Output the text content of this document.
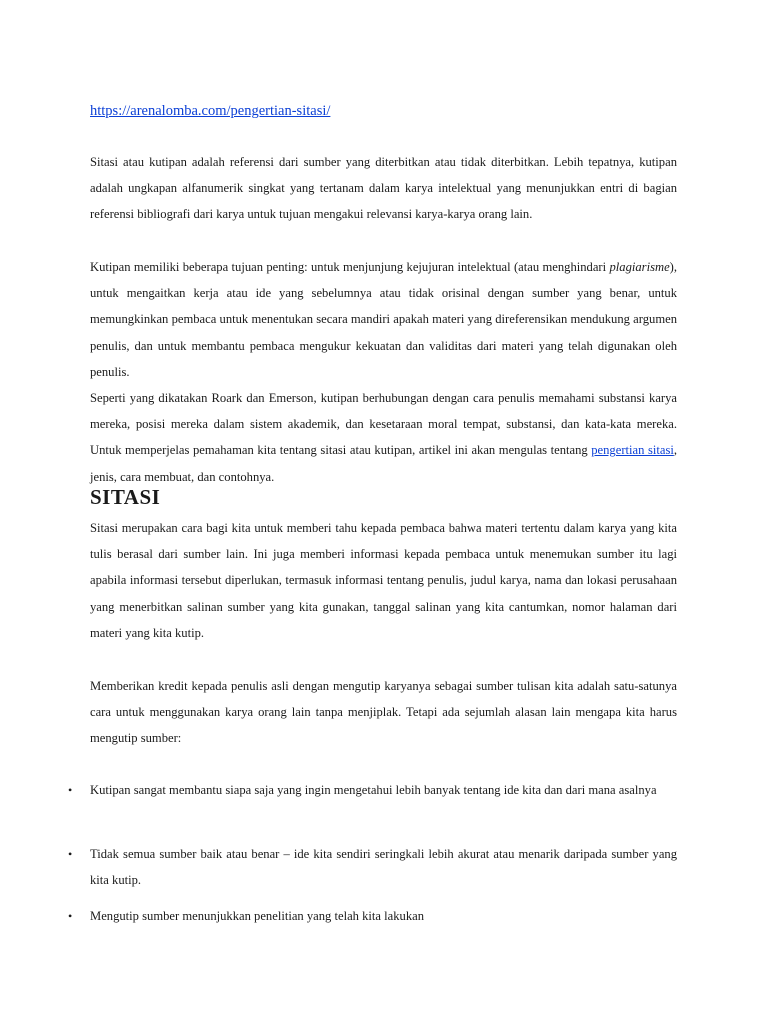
https://arenalomba.com/pengertian-sitasi/

Sitasi atau kutipan adalah referensi dari sumber yang diterbitkan atau tidak diterbitkan. Lebih tepatnya, kutipan adalah ungkapan alfanumerik singkat yang tertanam dalam karya intelektual yang menunjukkan entri di bagian referensi bibliografi dari karya untuk tujuan mengakui relevansi karya-karya orang lain.

Kutipan memiliki beberapa tujuan penting: untuk menjunjung kejujuran intelektual (atau menghindari plagiarisme), untuk mengaitkan kerja atau ide yang sebelumnya atau tidak orisinal dengan sumber yang benar, untuk memungkinkan pembaca untuk menentukan secara mandiri apakah materi yang direferensikan mendukung argumen penulis, dan untuk membantu pembaca mengukur kekuatan dan validitas dari materi yang telah digunakan oleh penulis.

Seperti yang dikatakan Roark dan Emerson, kutipan berhubungan dengan cara penulis memahami substansi karya mereka, posisi mereka dalam sistem akademik, dan kesetaraan moral tempat, substansi, dan kata-kata mereka. Untuk memperjelas pemahaman kita tentang sitasi atau kutipan, artikel ini akan mengulas tentang pengertian sitasi, jenis, cara membuat, dan contohnya.

SITASI

Sitasi merupakan cara bagi kita untuk memberi tahu kepada pembaca bahwa materi tertentu dalam karya yang kita tulis berasal dari sumber lain. Ini juga memberi informasi kepada pembaca untuk menemukan sumber itu lagi apabila informasi tersebut diperlukan, termasuk informasi tentang penulis, judul karya, nama dan lokasi perusahaan yang menerbitkan salinan sumber yang kita gunakan, tanggal salinan yang kita cantumkan, nomor halaman dari materi yang kita kutip.

Memberikan kredit kepada penulis asli dengan mengutip karyanya sebagai sumber tulisan kita adalah satu-satunya cara untuk menggunakan karya orang lain tanpa menjiplak. Tetapi ada sejumlah alasan lain mengapa kita harus mengutip sumber:

•	Kutipan sangat membantu siapa saja yang ingin mengetahui lebih banyak tentang ide kita dan dari mana asalnya
•	Tidak semua sumber baik atau benar – ide kita sendiri seringkali lebih akurat atau menarik daripada sumber yang kita kutip.
•	Mengutip sumber menunjukkan penelitian yang telah kita lakukan
